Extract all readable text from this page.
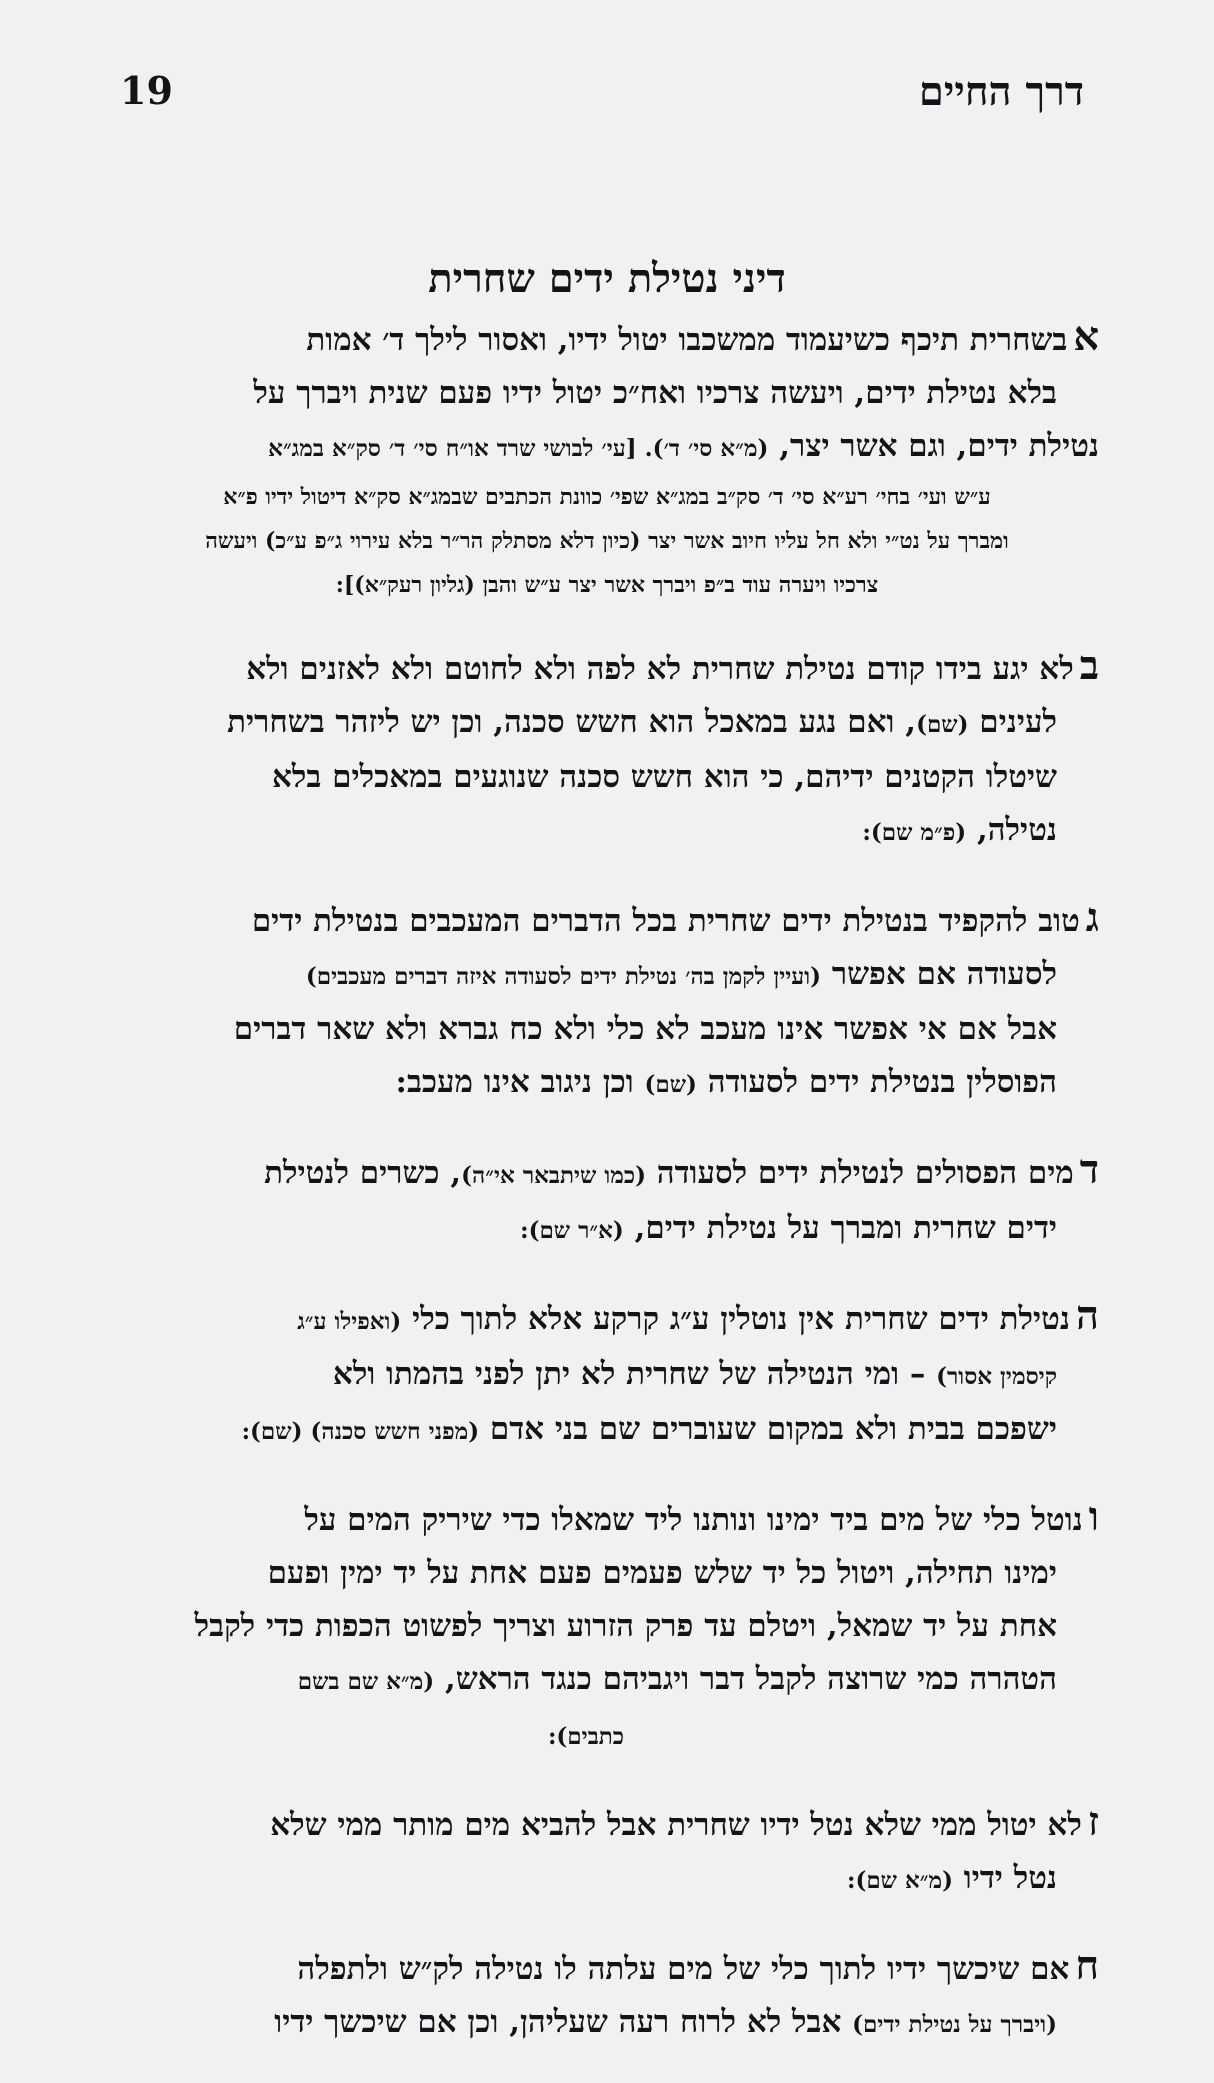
19	דרך החיים
דיני נטילת ידים שחרית

אבשחרית תיכף כשיעמוד ממשכבו יטול ידיו, ואסור לילך ד׳ אמות

בלא נטילת ידים, ויעשה צרכיו ואח״כ יטול ידיו פעם שנית ויברך על

נטילת ידים, וגם אשר יצר, (מ״א סי׳ ד׳). [עי׳ לבושי שרד או״ח סי׳ ד׳ סק״א במג״א

ע״ש ועי׳ בחי׳ רע״א סי׳ ד׳ סק״ב במג״א שפי׳ כוונת הכתבים שבמג״א סק״א דיטול ידיו פ״א

ומברך על נט״י ולא חל עליו חיוב אשר יצר (כיון דלא מסתלק הר״ר בלא עירוי ג״פ ע״כ) ויעשה

צרכיו ויערה עוד ב״פ ויברך אשר יצר ע״ש והבן (גליון רעק״א)]:

בלא יגע בידו קודם נטילת שחרית לא לפה ולא לחוטם ולא לאזנים ולא

לעינים (שם), ואם נגע במאכל הוא חשש סכנה, וכן יש ליזהר בשחרית

שיטלו הקטנים ידיהם, כי הוא חשש סכנה שנוגעים במאכלים בלא

נטילה, (פ״מ שם):

גטוב להקפיד בנטילת ידים שחרית בכל הדברים המעכבים בנטילת ידים

לסעודה אם אפשר (ועיין לקמן בה׳ נטילת ידים לסעודה איזה דברים מעכבים)

אבל אם אי אפשר אינו מעכב לא כלי ולא כח גברא ולא שאר דברים

הפוסלין בנטילת ידים לסעודה (שם) וכן ניגוב אינו מעכב:

דמים הפסולים לנטילת ידים לסעודה (כמו שיתבאר אי״ה), כשרים לנטילת

ידים שחרית ומברך על נטילת ידים, (א״ר שם):

הנטילת ידים שחרית אין נוטלין ע״ג קרקע אלא לתוך כלי (ואפילו ע״ג

קיסמין אסור) – ומי הנטילה של שחרית לא יתן לפני בהמתו ולא

ישפכם בבית ולא במקום שעוברים שם בני אדם (מפני חשש סכנה) (שם):

ונוטל כלי של מים ביד ימינו ונותנו ליד שמאלו כדי שיריק המים על

ימינו תחילה, ויטול כל יד שלש פעמים פעם אחת על יד ימין ופעם

אחת על יד שמאל, ויטלם עד פרק הזרוע וצריך לפשוט הכפות כדי לקבל

הטהרה כמי שרוצה לקבל דבר ויגביהם כנגד הראש, (מ״א שם בשם

כתבים):

זלא יטול ממי שלא נטל ידיו שחרית אבל להביא מים מותר ממי שלא

נטל ידיו (מ״א שם):

חאם שיכשך ידיו לתוך כלי של מים עלתה לו נטילה לק״ש ולתפלה

(ויברך על נטילת ידים) אבל לא לרוח רעה שעליהן, וכן אם שיכשך ידיו
